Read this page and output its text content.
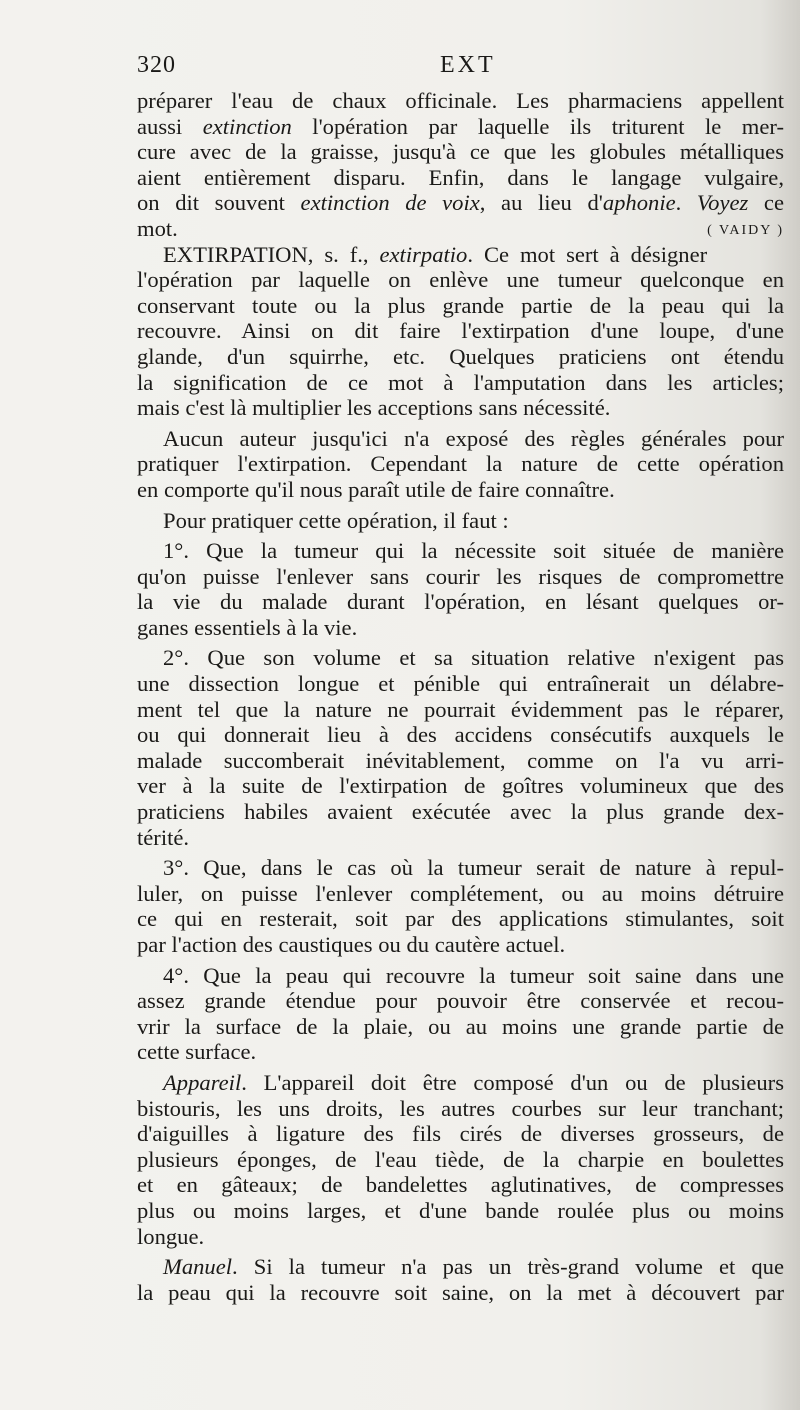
320	EXT
préparer l'eau de chaux officinale. Les pharmaciens appellent
aussi extinction l'opération par laquelle ils triturent le mer-
cure avec de la graisse, jusqu'à ce que les globules métalliques
aient entièrement disparu. Enfin, dans le langage vulgaire,
on dit souvent extinction de voix, au lieu d'aphonie. Voyez ce
mot.	( VAIDY )
EXTIRPATION, s. f., extirpatio. Ce mot sert à désigner
l'opération par laquelle on enlève une tumeur quelconque en
conservant toute ou la plus grande partie de la peau qui la
recouvre. Ainsi on dit faire l'extirpation d'une loupe, d'une
glande, d'un squirrhe, etc. Quelques praticiens ont étendu
la signification de ce mot à l'amputation dans les articles;
mais c'est là multiplier les acceptions sans nécessité.
Aucun auteur jusqu'ici n'a exposé des règles générales pour
pratiquer l'extirpation. Cependant la nature de cette opération
en comporte qu'il nous paraît utile de faire connaître.
Pour pratiquer cette opération, il faut :
1°. Que la tumeur qui la nécessite soit située de manière
qu'on puisse l'enlever sans courir les risques de compromettre
la vie du malade durant l'opération, en lésant quelques or-
ganes essentiels à la vie.
2°. Que son volume et sa situation relative n'exigent pas
une dissection longue et pénible qui entraînerait un délabre-
ment tel que la nature ne pourrait évidemment pas le réparer,
ou qui donnerait lieu à des accidens consécutifs auxquels le
malade succomberait inévitablement, comme on l'a vu arri-
ver à la suite de l'extirpation de goîtres volumineux que des
praticiens habiles avaient exécutée avec la plus grande dex-
térité.
3°. Que, dans le cas où la tumeur serait de nature à repul-
luler, on puisse l'enlever complétement, ou au moins détruire
ce qui en resterait, soit par des applications stimulantes, soit
par l'action des caustiques ou du cautère actuel.
4°. Que la peau qui recouvre la tumeur soit saine dans une
assez grande étendue pour pouvoir être conservée et recou-
vrir la surface de la plaie, ou au moins une grande partie de
cette surface.
Appareil. L'appareil doit être composé d'un ou de plusieurs
bistouris, les uns droits, les autres courbes sur leur tranchant;
d'aiguilles à ligature des fils cirés de diverses grosseurs, de
plusieurs éponges, de l'eau tiède, de la charpie en boulettes
et en gâteaux; de bandelettes aglutinatives, de compresses
plus ou moins larges, et d'une bande roulée plus ou moins
longue.
Manuel. Si la tumeur n'a pas un très-grand volume et que
la peau qui la recouvre soit saine, on la met à découvert par
